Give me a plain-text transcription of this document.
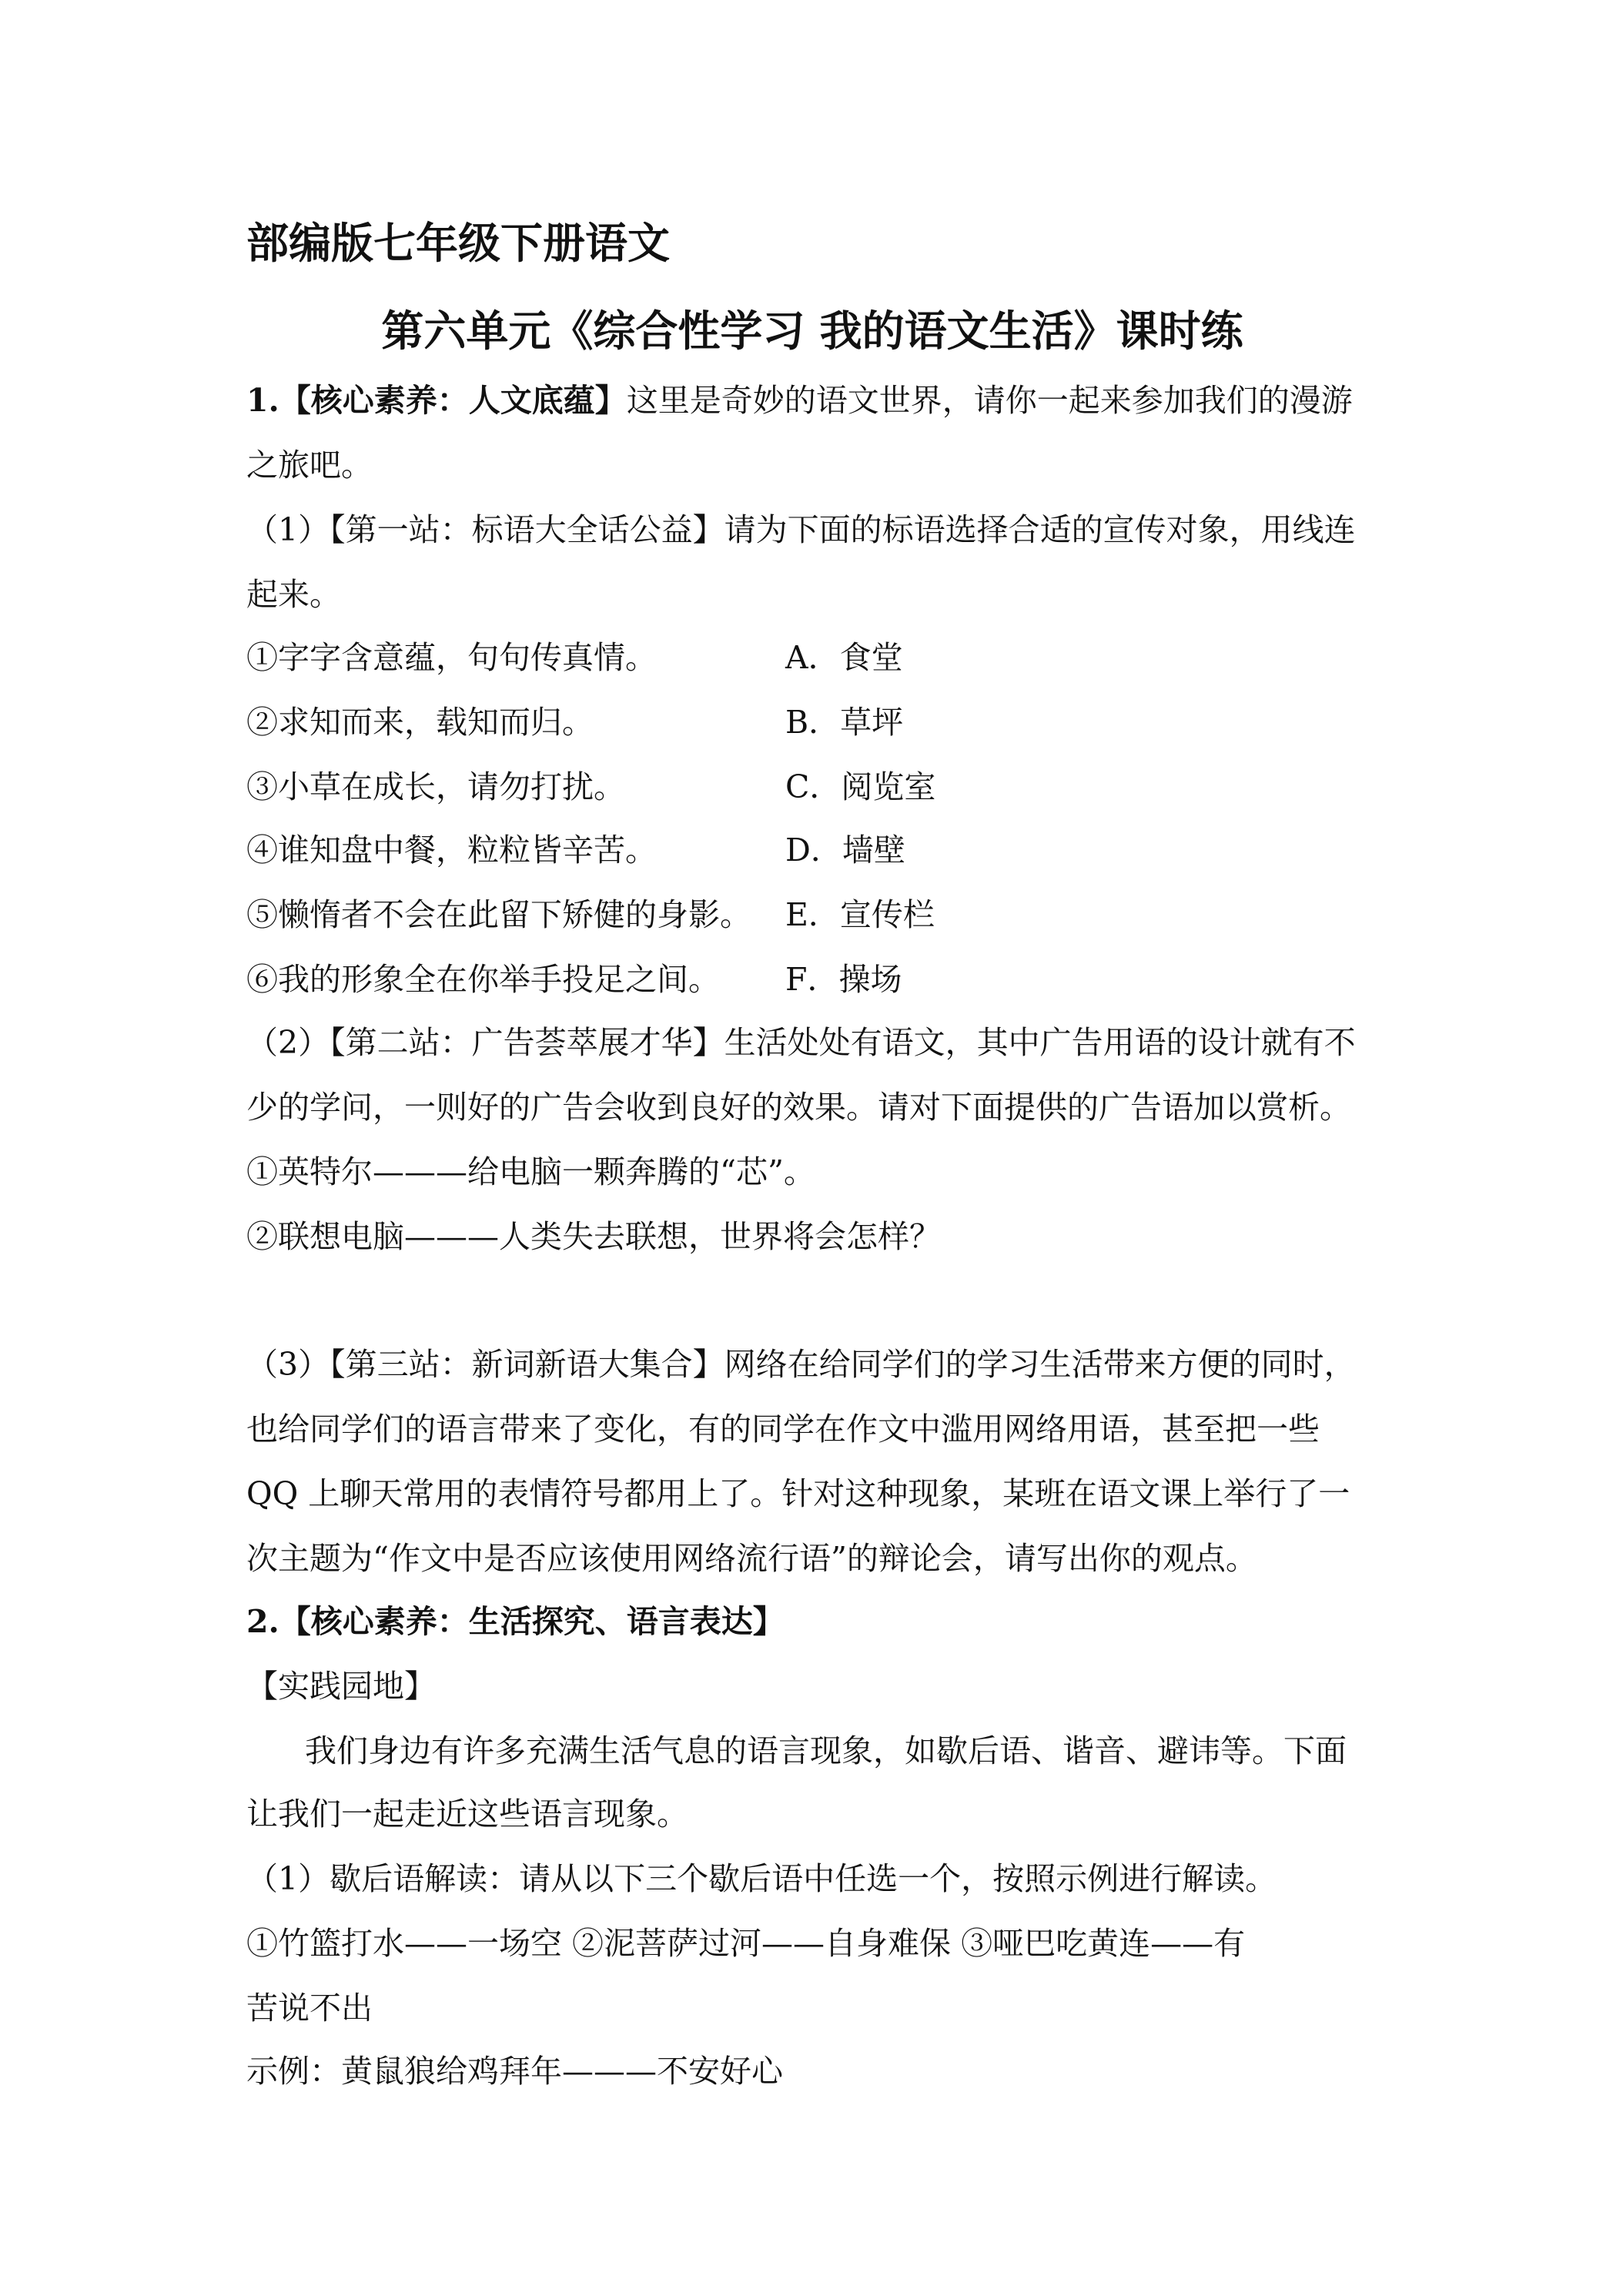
部编版七年级下册语文
第六单元《综合性学习 我的语文生活》课时练
1.【核心素养：人文底蕴】这里是奇妙的语文世界，请你一起来参加我们的漫游
之旅吧。
（1）【第一站：标语大全话公益】请为下面的标语选择合适的宣传对象，用线连
起来。
①字字含意蕴，句句传真情。	A．食堂
②求知而来，载知而归。	B．草坪
③小草在成长，请勿打扰。	C．阅览室
④谁知盘中餐，粒粒皆辛苦。	D．墙壁
⑤懒惰者不会在此留下矫健的身影。 E．宣传栏
⑥我的形象全在你举手投足之间。 F．操场
（2）【第二站：广告荟萃展才华】生活处处有语文，其中广告用语的设计就有不
少的学问，一则好的广告会收到良好的效果。请对下面提供的广告语加以赏析。
①英特尔———给电脑一颗奔腾的“芯”。
②联想电脑———人类失去联想，世界将会怎样？
（3）【第三站：新词新语大集合】网络在给同学们的学习生活带来方便的同时，
也给同学们的语言带来了变化，有的同学在作文中滥用网络用语，甚至把一些
QQ 上聊天常用的表情符号都用上了。针对这种现象，某班在语文课上举行了一
次主题为“作文中是否应该使用网络流行语”的辩论会，请写出你的观点。
2.【核心素养：生活探究、语言表达】
【实践园地】
我们身边有许多充满生活气息的语言现象，如歇后语、谐音、避讳等。下面
让我们一起走近这些语言现象。
（1）歇后语解读：请从以下三个歇后语中任选一个，按照示例进行解读。
①竹篮打水——一场空 ②泥菩萨过河——自身难保 ③哑巴吃黄连——有
苦说不出
示例：黄鼠狼给鸡拜年———不安好心
